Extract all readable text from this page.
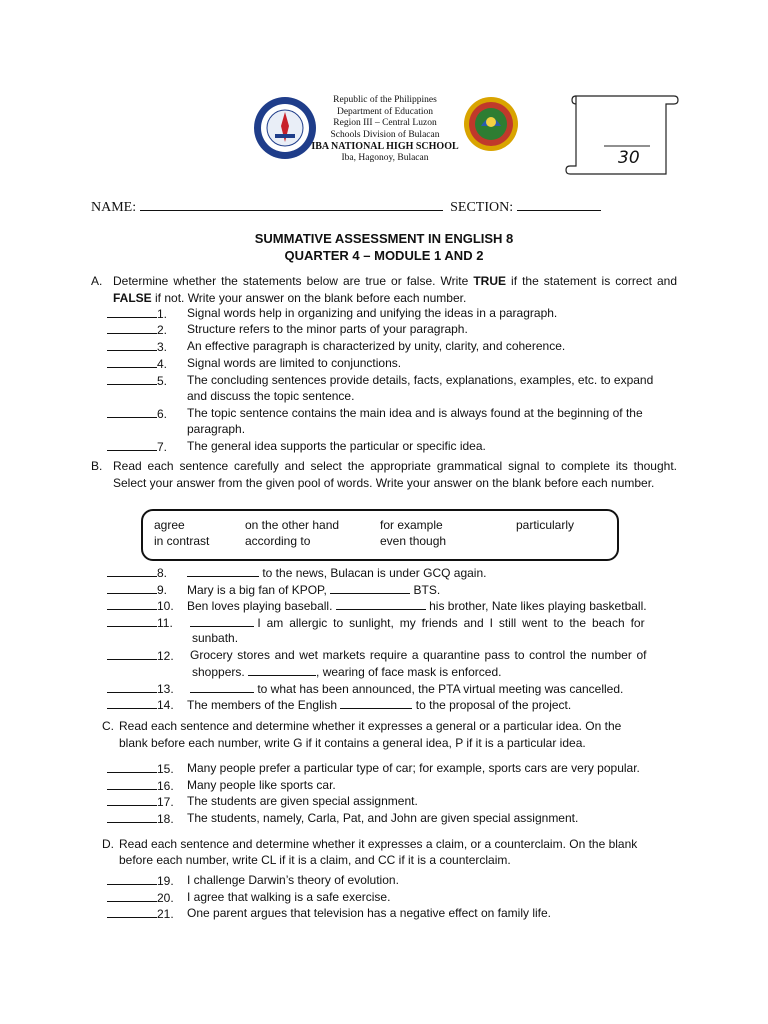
Republic of the Philippines
Department of Education
Region III – Central Luzon
Schools Division of Bulacan
IBA NATIONAL HIGH SCHOOL
Iba, Hagonoy, Bulacan	30
NAME:	SECTION:
SUMMATIVE ASSESSMENT IN ENGLISH 8
QUARTER 4 – MODULE 1 AND 2
A. Determine whether the statements below are true or false. Write TRUE if the statement is correct and FALSE if not. Write your answer on the blank before each number.
1. Signal words help in organizing and unifying the ideas in a paragraph.
2. Structure refers to the minor parts of your paragraph.
3. An effective paragraph is characterized by unity, clarity, and coherence.
4. Signal words are limited to conjunctions.
5. The concluding sentences provide details, facts, explanations, examples, etc. to expand
and discuss the topic sentence.
6. The topic sentence contains the main idea and is always found at the beginning of the
paragraph.
7. The general idea supports the particular or specific idea.
B. Read each sentence carefully and select the appropriate grammatical signal to complete its thought. Select your answer from the given pool of words. Write your answer on the blank before each number.
agree	on the other hand	for example	particularly
in contrast	according to	even though
8.	to the news, Bulacan is under GCQ again.
9. Mary is a big fan of KPOP,	BTS.
10. Ben loves playing baseball.	his brother, Nate likes playing basketball.
11.	I am allergic to sunlight, my friends and I still went to the beach for
sunbath.
12. Grocery stores and wet markets require a quarantine pass to control the number of
shoppers.	, wearing of face mask is enforced.
13.	to what has been announced, the PTA virtual meeting was cancelled.
14. The members of the English	to the proposal of the project.
C. Read each sentence and determine whether it expresses a general or a particular idea. On the
blank before each number, write G if it contains a general idea, P if it is a particular idea.
15. Many people prefer a particular type of car; for example, sports cars are very popular.
16. Many people like sports car.
17. The students are given special assignment.
18. The students, namely, Carla, Pat, and John are given special assignment.
D. Read each sentence and determine whether it expresses a claim, or a counterclaim. On the blank
before each number, write CL if it is a claim, and CC if it is a counterclaim.
19. I challenge Darwin’s theory of evolution.
20. I agree that walking is a safe exercise.
21. One parent argues that television has a negative effect on family life.
